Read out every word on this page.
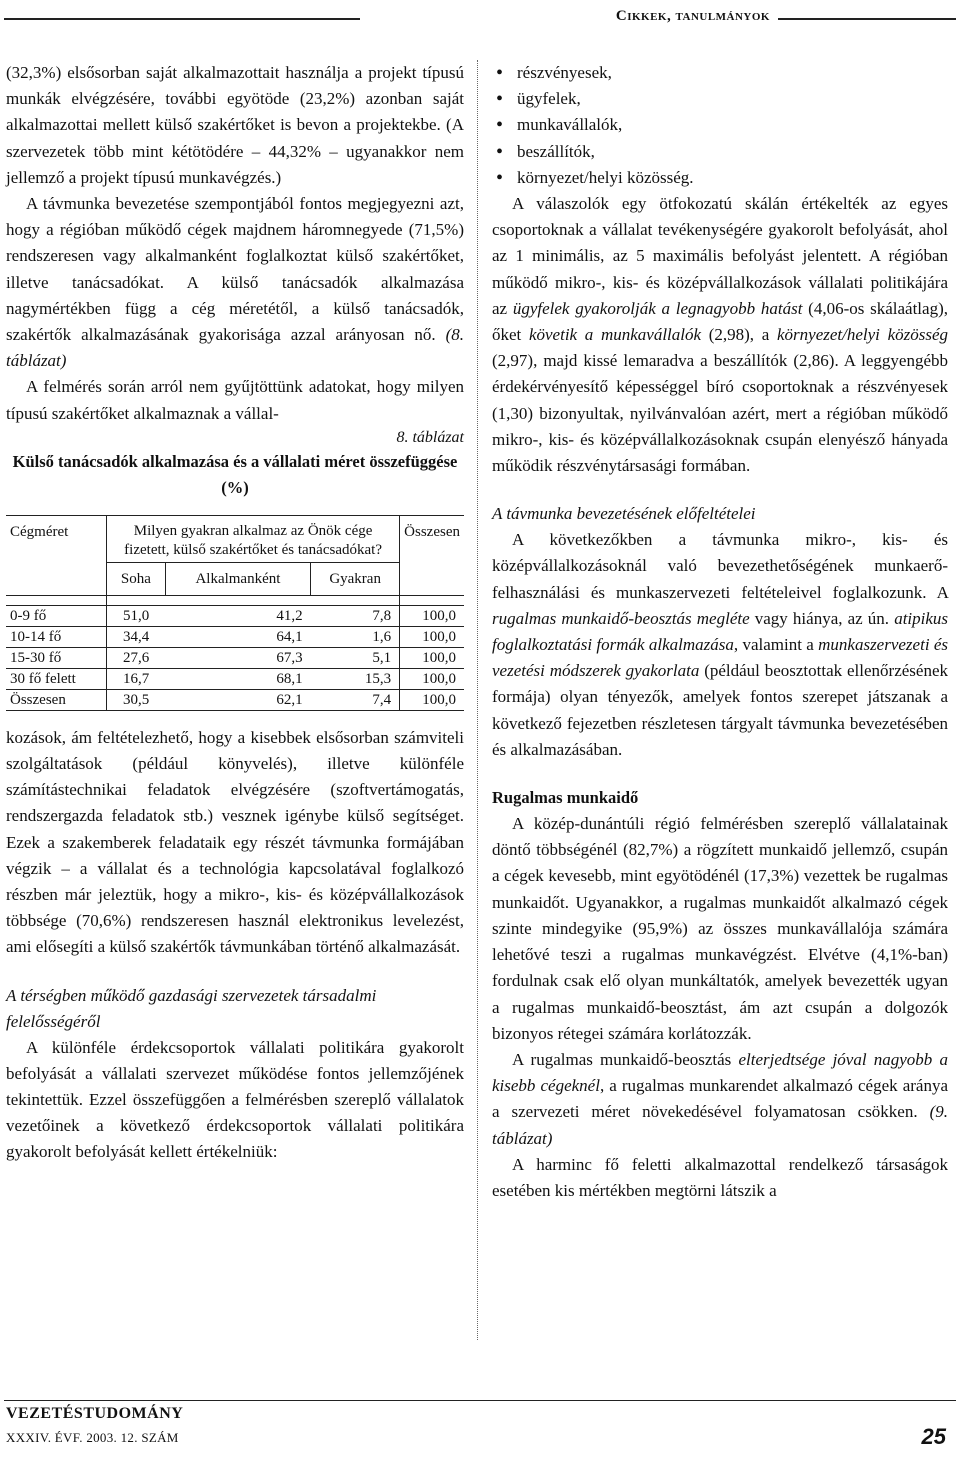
Cikkek, tanulmányok

(32,3%) elsősorban saját alkalmazottait használja a projekt típusú munkák elvégzésére, további egyötöde (23,2%) azonban saját alkalmazottai mellett külső szakértőket is bevon a projektekbe. (A szervezetek több mint kétötödére – 44,32% – ugyanakkor nem jellemző a projekt típusú munkavégzés.)

A távmunka bevezetése szempontjából fontos megjegyezni azt, hogy a régióban működő cégek majdnem háromnegyede (71,5%) rendszeresen vagy alkalmanként foglalkoztat külső szakértőket, illetve tanácsadókat. A külső tanácsadók alkalmazása nagymértékben függ a cég méretétől, a külső tanácsadók, szakértők alkalmazásának gyakorisága azzal arányosan nő. (8. táblázat)

A felmérés során arról nem gyűjtöttünk adatokat, hogy milyen típusú szakértőket alkalmaznak a vállal-

8. táblázat
Külső tanácsadók alkalmazása és a vállalati méret összefüggése (%)
Cégméret	Milyen gyakran alkalmaz az Önök cége fizetett, külső szakértőket és tanácsadókat?			Összesen
	Soha	Alkalmanként	Gyakran	

0-9 fő	51,0	41,2	7,8	100,0
10-14 fő	34,4	64,1	1,6	100,0
15-30 fő	27,6	67,3	5,1	100,0
30 fő felett	16,7	68,1	15,3	100,0
Összesen	30,5	62,1	7,4	100,0

kozások, ám feltételezhető, hogy a kisebbek elsősorban számviteli szolgáltatások (például könyvelés), illetve különféle számítástechnikai feladatok elvégzésére (szoftvertámogatás, rendszergazda feladatok stb.) vesznek igénybe külső segítséget. Ezek a szakemberek feladataik egy részét távmunka formájában végzik – a vállalat és a technológia kapcsolatával foglalkozó részben már jeleztük, hogy a mikro-, kis- és középvállalkozások többsége (70,6%) rendszeresen használ elektronikus levelezést, ami elősegíti a külső szakértők távmunkában történő alkalmazását.

A térségben működő gazdasági szervezetek társadalmi felelősségéről

A különféle érdekcsoportok vállalati politikára gyakorolt befolyását a vállalati szervezet működése fontos jellemzőjének tekintettük. Ezzel összefüggően a felmérésben szereplő vállalatok vezetőinek a következő érdekcsoportok vállalati politikára gyakorolt befolyását kellett értékelniük:

• részvényesek,
• ügyfelek,
• munkavállalók,
• beszállítók,
• környezet/helyi közösség.

A válaszolók egy ötfokozatú skálán értékelték az egyes csoportoknak a vállalat tevékenységére gyakorolt befolyását, ahol az 1 minimális, az 5 maximális befolyást jelentett. A régióban működő mikro-, kis- és középvállalkozások vállalati politikájára az ügyfelek gyakorolják a legnagyobb hatást (4,06-os skálaátlag), őket követik a munkavállalók (2,98), a környezet/helyi közösség (2,97), majd kissé lemaradva a beszállítók (2,86). A leggyengébb érdekérvényesítő képességgel bíró csoportoknak a részvényesek (1,30) bizonyultak, nyilvánvalóan azért, mert a régióban működő mikro-, kis- és középvállalkozásoknak csupán elenyésző hányada működik részvénytársasági formában.

A távmunka bevezetésének előfeltételei

A következőkben a távmunka mikro-, kis- és középvállalkozásoknál való bevezethetőségének munkaerő-felhasználási és munkaszervezeti feltételeivel foglalkozunk. A rugalmas munkaidő-beosztás megléte vagy hiánya, az ún. atipikus foglalkoztatási formák alkalmazása, valamint a munkaszervezeti és vezetési módszerek gyakorlata (például beosztottak ellenőrzésének formája) olyan tényezők, amelyek fontos szerepet játszanak a következő fejezetben részletesen tárgyalt távmunka bevezetésében és alkalmazásában.

Rugalmas munkaidő

A közép-dunántúli régió felmérésben szereplő vállalatainak döntő többségénél (82,7%) a rögzített munkaidő jellemző, csupán a cégek kevesebb, mint egyötödénél (17,3%) vezettek be rugalmas munkaidőt. Ugyanakkor, a rugalmas munkaidőt alkalmazó cégek szinte mindegyike (95,9%) az összes munkavállalója számára lehetővé teszi a rugalmas munkavégzést. Elvétve (4,1%-ban) fordulnak csak elő olyan munkáltatók, amelyek bevezették ugyan a rugalmas munkaidő-beosztást, ám azt csupán a dolgozók bizonyos rétegei számára korlátozzák.

A rugalmas munkaidő-beosztás elterjedtsége jóval nagyobb a kisebb cégeknél, a rugalmas munkarendet alkalmazó cégek aránya a szervezeti méret növekedésével folyamatosan csökken. (9. táblázat)

A harminc fő feletti alkalmazottal rendelkező társaságok esetében kis mértékben megtörni látszik a

VEZETÉSTUDOMÁNY
XXXIV. ÉVF. 2003. 12. SZÁM	25
